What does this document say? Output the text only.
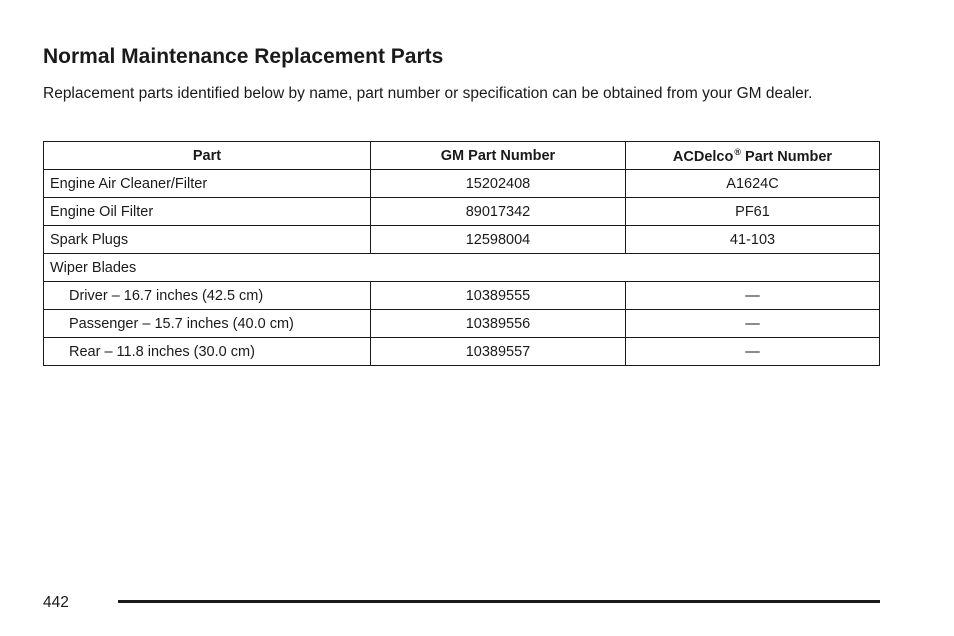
Normal Maintenance Replacement Parts

Replacement parts identified below by name, part number or specification can be obtained from your GM dealer.

Part	GM Part Number	ACDelco® Part Number
Engine Air Cleaner/Filter	15202408	A1624C
Engine Oil Filter	89017342	PF61
Spark Plugs	12598004	41-103
Wiper Blades		
Driver – 16.7 inches (42.5 cm)	10389555	—
Passenger – 15.7 inches (40.0 cm)	10389556	—
Rear – 11.8 inches (30.0 cm)	10389557	—
442
